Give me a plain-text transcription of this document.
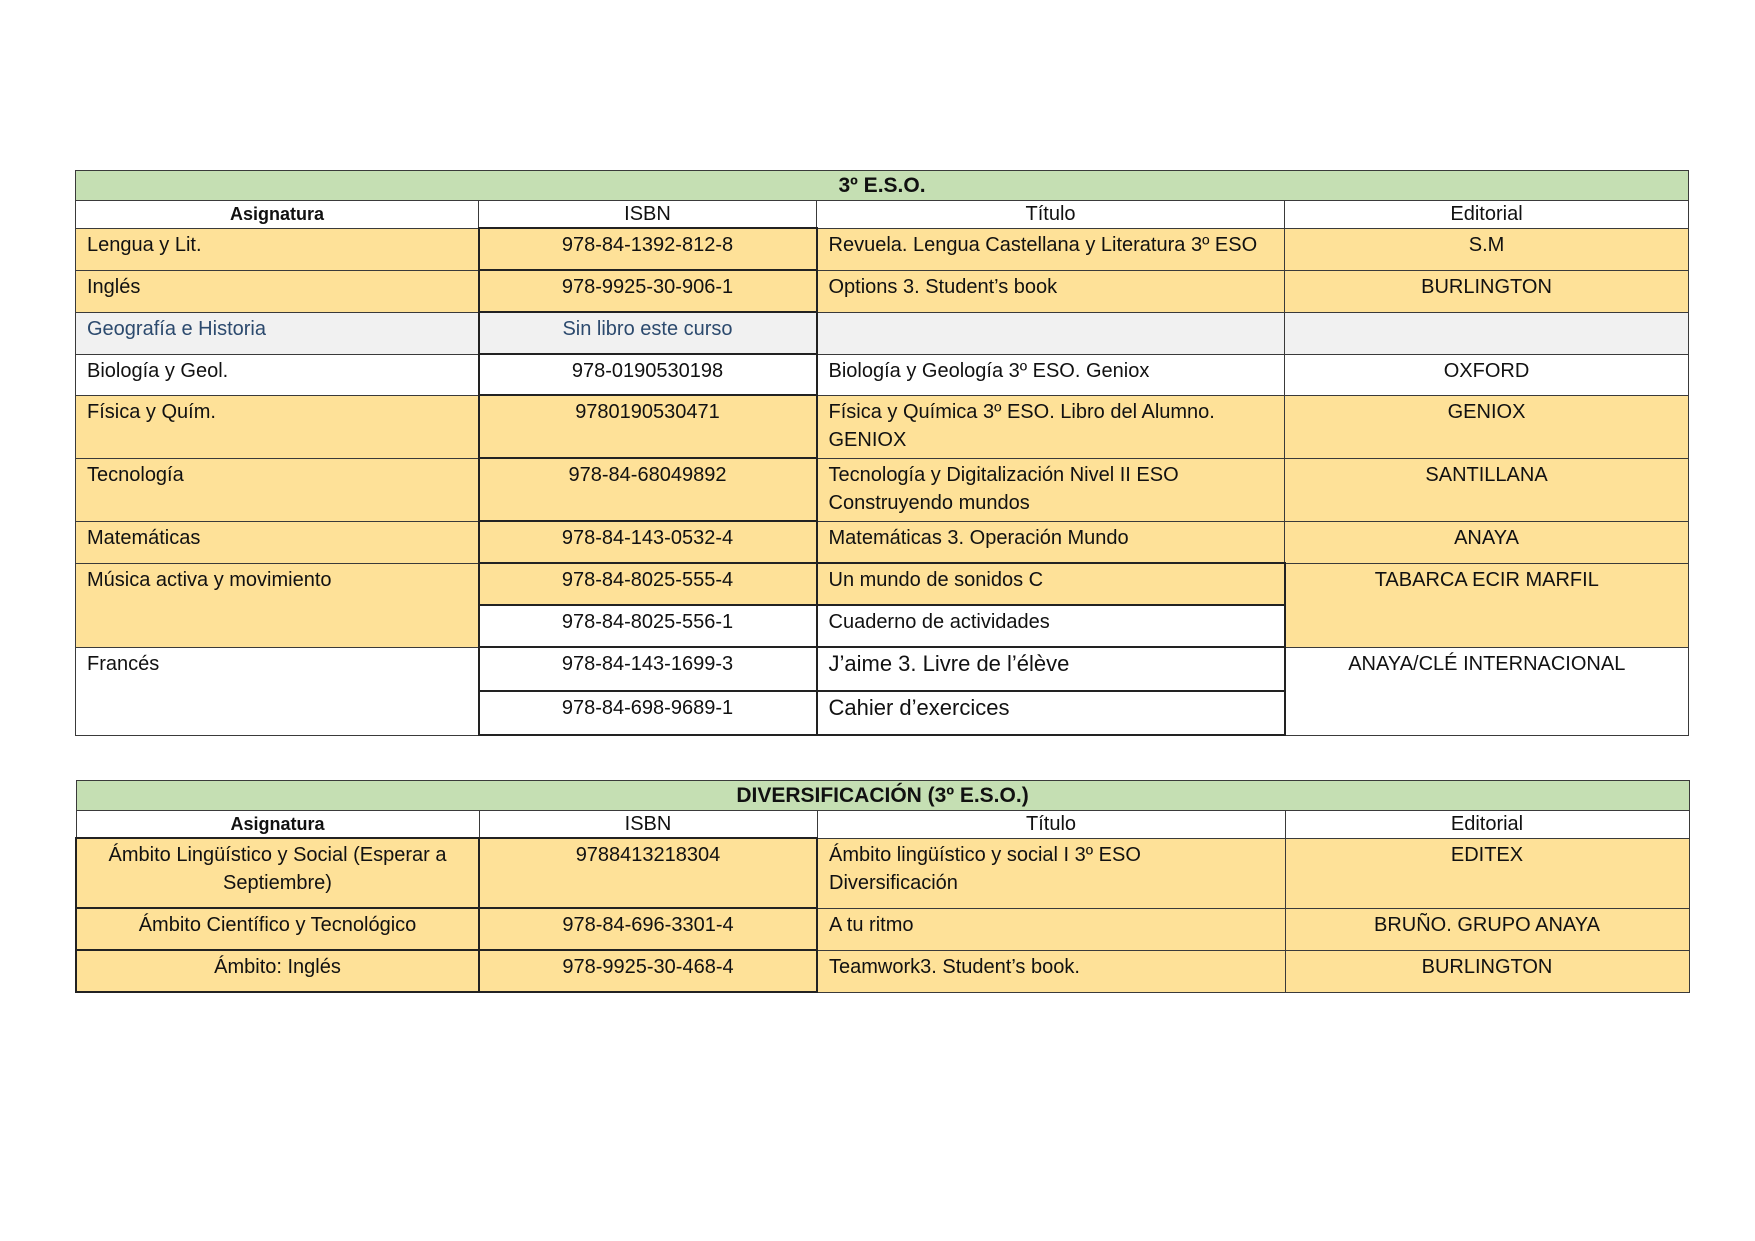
3º E.S.O.			
Asignatura	ISBN	Título	Editorial
Lengua y Lit.	978-84-1392-812-8	Revuela. Lengua Castellana y Literatura 3º ESO	S.M
Inglés	978-9925-30-906-1	Options 3. Student’s book	BURLINGTON
Geografía e Historia	Sin libro este curso		
Biología y Geol.	978-0190530198	Biología y Geología 3º ESO. Geniox	OXFORD
Física y Quím.	9780190530471	Física y Química 3º ESO. Libro del Alumno. GENIOX	GENIOX
Tecnología	978-84-68049892	Tecnología y Digitalización Nivel II ESO Construyendo mundos	SANTILLANA
Matemáticas	978-84-143-0532-4	Matemáticas 3. Operación Mundo	ANAYA
Música activa y movimiento	978-84-8025-555-4	Un mundo de sonidos C	TABARCA ECIR MARFIL
	978-84-8025-556-1	Cuaderno de actividades	
Francés	978-84-143-1699-3	J’aime 3. Livre de l’élève	ANAYA/CLÉ INTERNACIONAL
	978-84-698-9689-1	Cahier d’exercices	
DIVERSIFICACIÓN (3º E.S.O.)			
Asignatura	ISBN	Título	Editorial
Ámbito Lingüístico y Social (Esperar a Septiembre)	9788413218304	Ámbito lingüístico y social I 3º ESO Diversificación	EDITEX
Ámbito Científico y Tecnológico	978-84-696-3301-4	A tu ritmo	BRUÑO. GRUPO ANAYA
Ámbito: Inglés	978-9925-30-468-4	Teamwork3. Student’s book.	BURLINGTON
